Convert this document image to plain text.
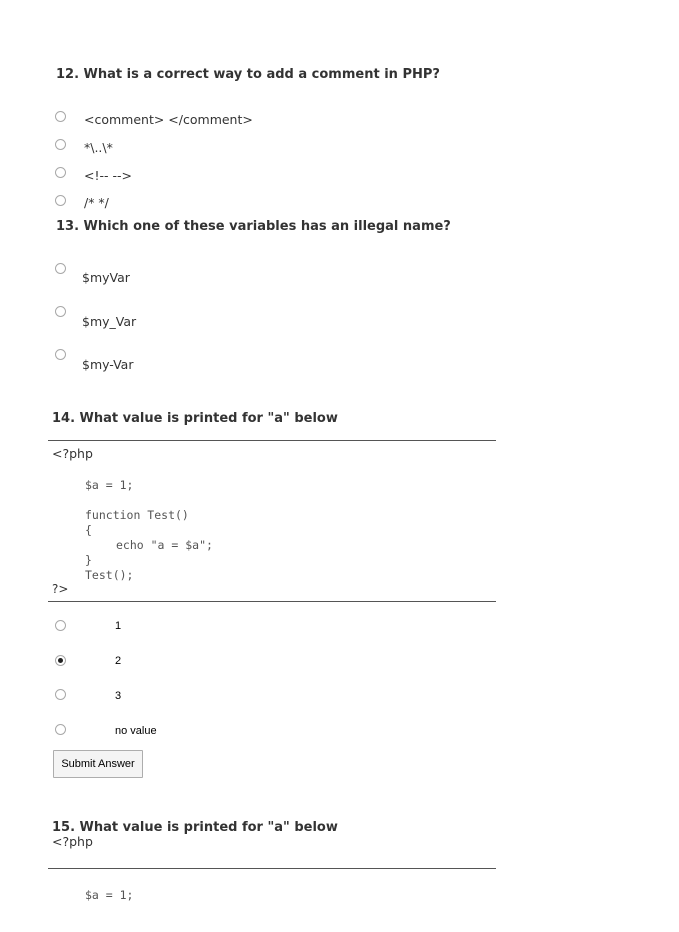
12. What is a correct way to add a comment in PHP?
<comment> </comment>
*\..\*
<!-- -->
/* */
13. Which one of these variables has an illegal name?
$myVar
$my_Var
$my-Var
14. What value is printed for "a" below
<?php
$a = 1;
function Test()
{
echo "a = $a";
}
Test();
?>
1
2
3
no value
Submit Answer
15. What value is printed for "a" below
<?php
$a = 1;
